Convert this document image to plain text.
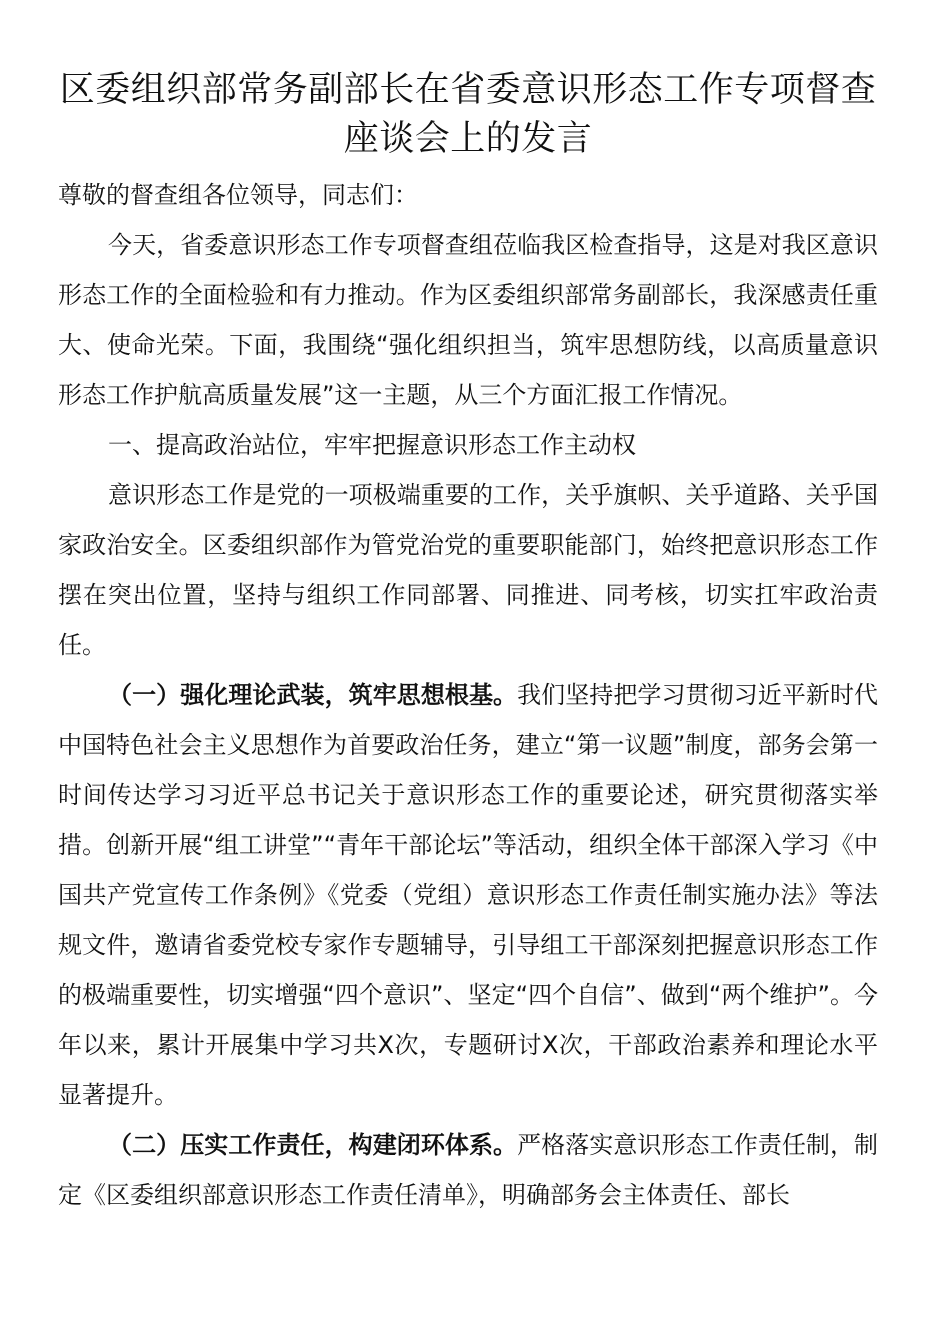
区委组织部常务副部长在省委意识形态工作专项督查座谈会上的发言

尊敬的督查组各位领导，同志们：

今天，省委意识形态工作专项督查组莅临我区检查指导，这是对我区意识形态工作的全面检验和有力推动。作为区委组织部常务副部长，我深感责任重大、使命光荣。下面，我围绕“强化组织担当，筑牢思想防线，以高质量意识形态工作护航高质量发展”这一主题，从三个方面汇报工作情况。

一、提高政治站位，牢牢把握意识形态工作主动权

意识形态工作是党的一项极端重要的工作，关乎旗帜、关乎道路、关乎国家政治安全。区委组织部作为管党治党的重要职能部门，始终把意识形态工作摆在突出位置，坚持与组织工作同部署、同推进、同考核，切实扛牢政治责任。

（一）强化理论武装，筑牢思想根基。我们坚持把学习贯彻习近平新时代中国特色社会主义思想作为首要政治任务，建立“第一议题”制度，部务会第一时间传达学习习近平总书记关于意识形态工作的重要论述，研究贯彻落实举措。创新开展“组工讲堂”“青年干部论坛”等活动，组织全体干部深入学习《中国共产党宣传工作条例》《党委（党组）意识形态工作责任制实施办法》等法规文件，邀请省委党校专家作专题辅导，引导组工干部深刻把握意识形态工作的极端重要性，切实增强“四个意识”、坚定“四个自信”、做到“两个维护”。今年以来，累计开展集中学习共X次，专题研讨X次，干部政治素养和理论水平显著提升。

（二）压实工作责任，构建闭环体系。严格落实意识形态工作责任制，制定《区委组织部意识形态工作责任清单》，明确部务会主体责任、部长
